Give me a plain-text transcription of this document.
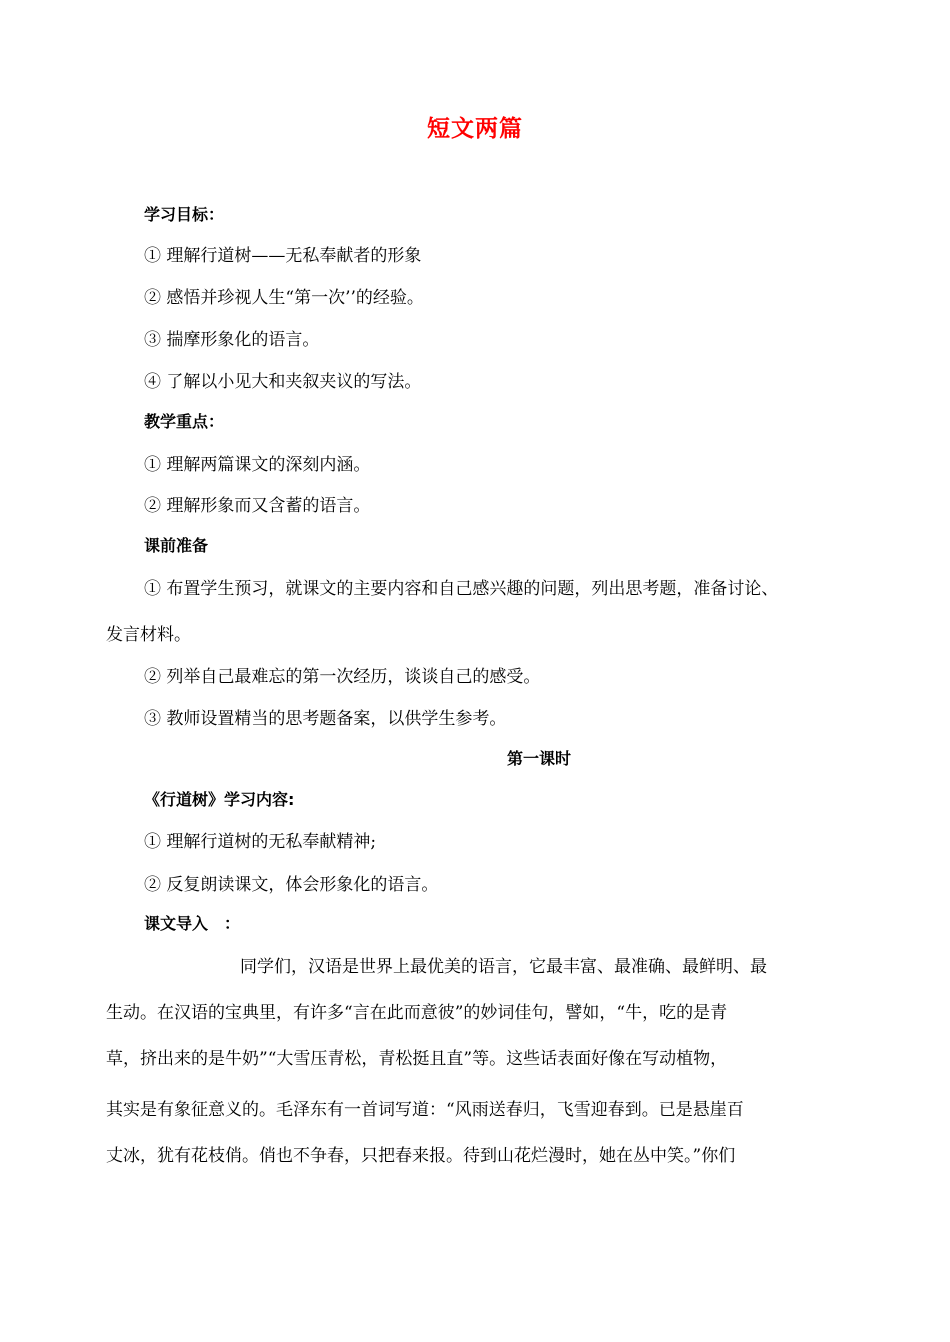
短文两篇
学习目标：
① 理解行道树——无私奉献者的形象
② 感悟并珍视人生“第一次’’的经验。
③ 揣摩形象化的语言。
④ 了解以小见大和夹叙夹议的写法。
教学重点：
① 理解两篇课文的深刻内涵。
② 理解形象而又含蓄的语言。
课前准备
① 布置学生预习，就课文的主要内容和自己感兴趣的问题，列出思考题，准备讨论、
发言材料。
② 列举自己最难忘的第一次经历，谈谈自己的感受。
③ 教师设置精当的思考题备案，以供学生参考。
第一课时
《行道树》学习内容:
① 理解行道树的无私奉献精神;
② 反复朗读课文，体会形象化的语言。
课文导入　：
同学们，汉语是世界上最优美的语言，它最丰富、最准确、最鲜明、最
生动。在汉语的宝典里，有许多“言在此而意彼”的妙词佳句，譬如，“牛，吃的是青
草，挤出来的是牛奶”“大雪压青松，青松挺且直”等。这些话表面好像在写动植物，
其实是有象征意义的。毛泽东有一首词写道：“风雨送春归，飞雪迎春到。已是悬崖百
丈冰，犹有花枝俏。俏也不争春，只把春来报。待到山花烂漫时，她在丛中笑。”你们
